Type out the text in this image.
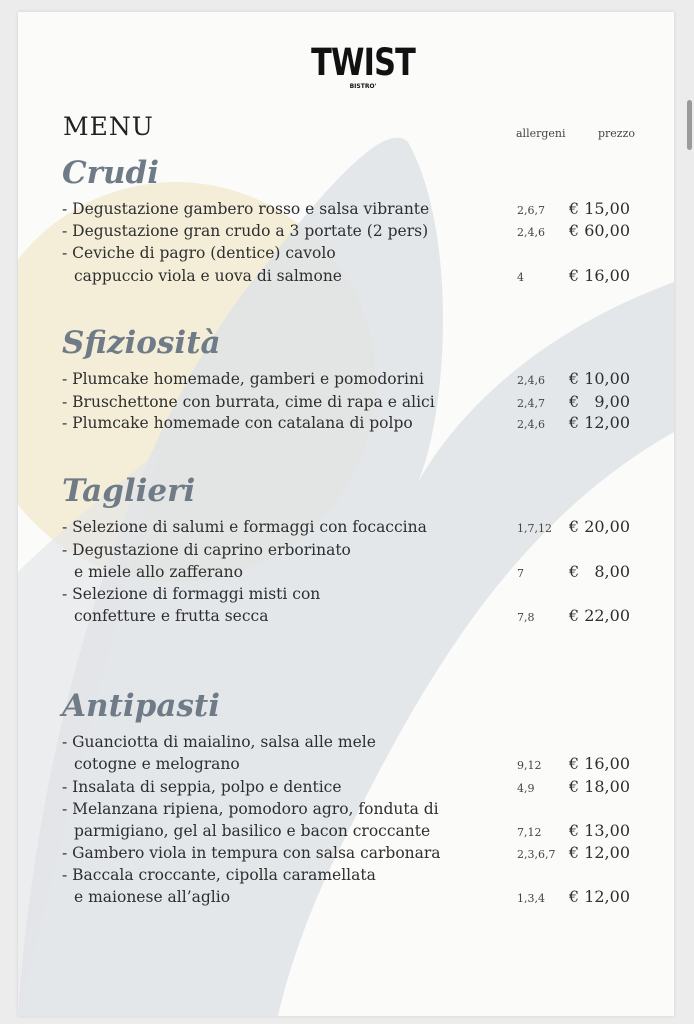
TWIST
BISTRO'
MENU	allergeni	prezzo
Crudi
- Degustazione gambero rosso e salsa vibrante	2,6,7 € 15,00
- Degustazione gran crudo a 3 portate (2 pers)	2,4,6 € 60,00
- Ceviche di pagro (dentice) cavolo
cappuccio viola e uova di salmone	4	€ 16,00
Sfiziosità
- Plumcake homemade, gamberi e pomodorini	2,4,6 € 10,00
- Bruschettone con burrata, cime di rapa e alici	2,4,7 €   9,00
- Plumcake homemade con catalana di polpo	2,4,6 € 12,00
Taglieri
- Selezione di salumi e formaggi con focaccina	1,7,12 € 20,00
- Degustazione di caprino erborinato
e miele allo zafferano	7	€   8,00
- Selezione di formaggi misti con
confetture e frutta secca	7,8 € 22,00
Antipasti
- Guanciotta di maialino, salsa alle mele
cotogne e melograno	9,12 € 16,00
- Insalata di seppia, polpo e dentice	4,9 € 18,00
- Melanzana ripiena, pomodoro agro, fonduta di
parmigiano, gel al basilico e bacon croccante	7,12 € 13,00
- Gambero viola in tempura con salsa carbonara	2,3,6,7 € 12,00
- Baccala croccante, cipolla caramellata
e maionese all’aglio	1,3,4 € 12,00
